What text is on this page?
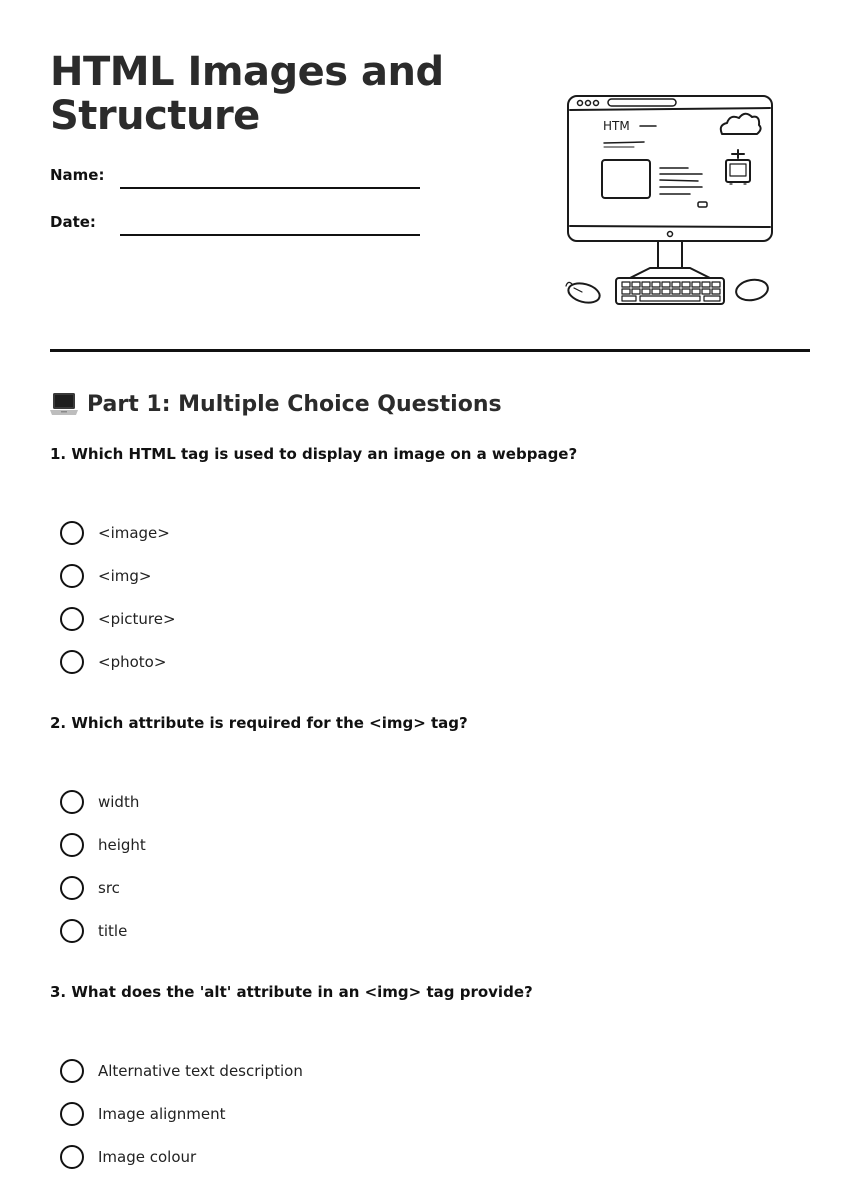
HTML Images and Structure
Name:
Date:
HTM
Part 1: Multiple Choice Questions

1. Which HTML tag is used to display an image on a webpage?

<image>
<img>
<picture>
<photo>

2. Which attribute is required for the <img> tag?

width
height
src
title

3. What does the 'alt' attribute in an <img> tag provide?

Alternative text description
Image alignment
Image colour
